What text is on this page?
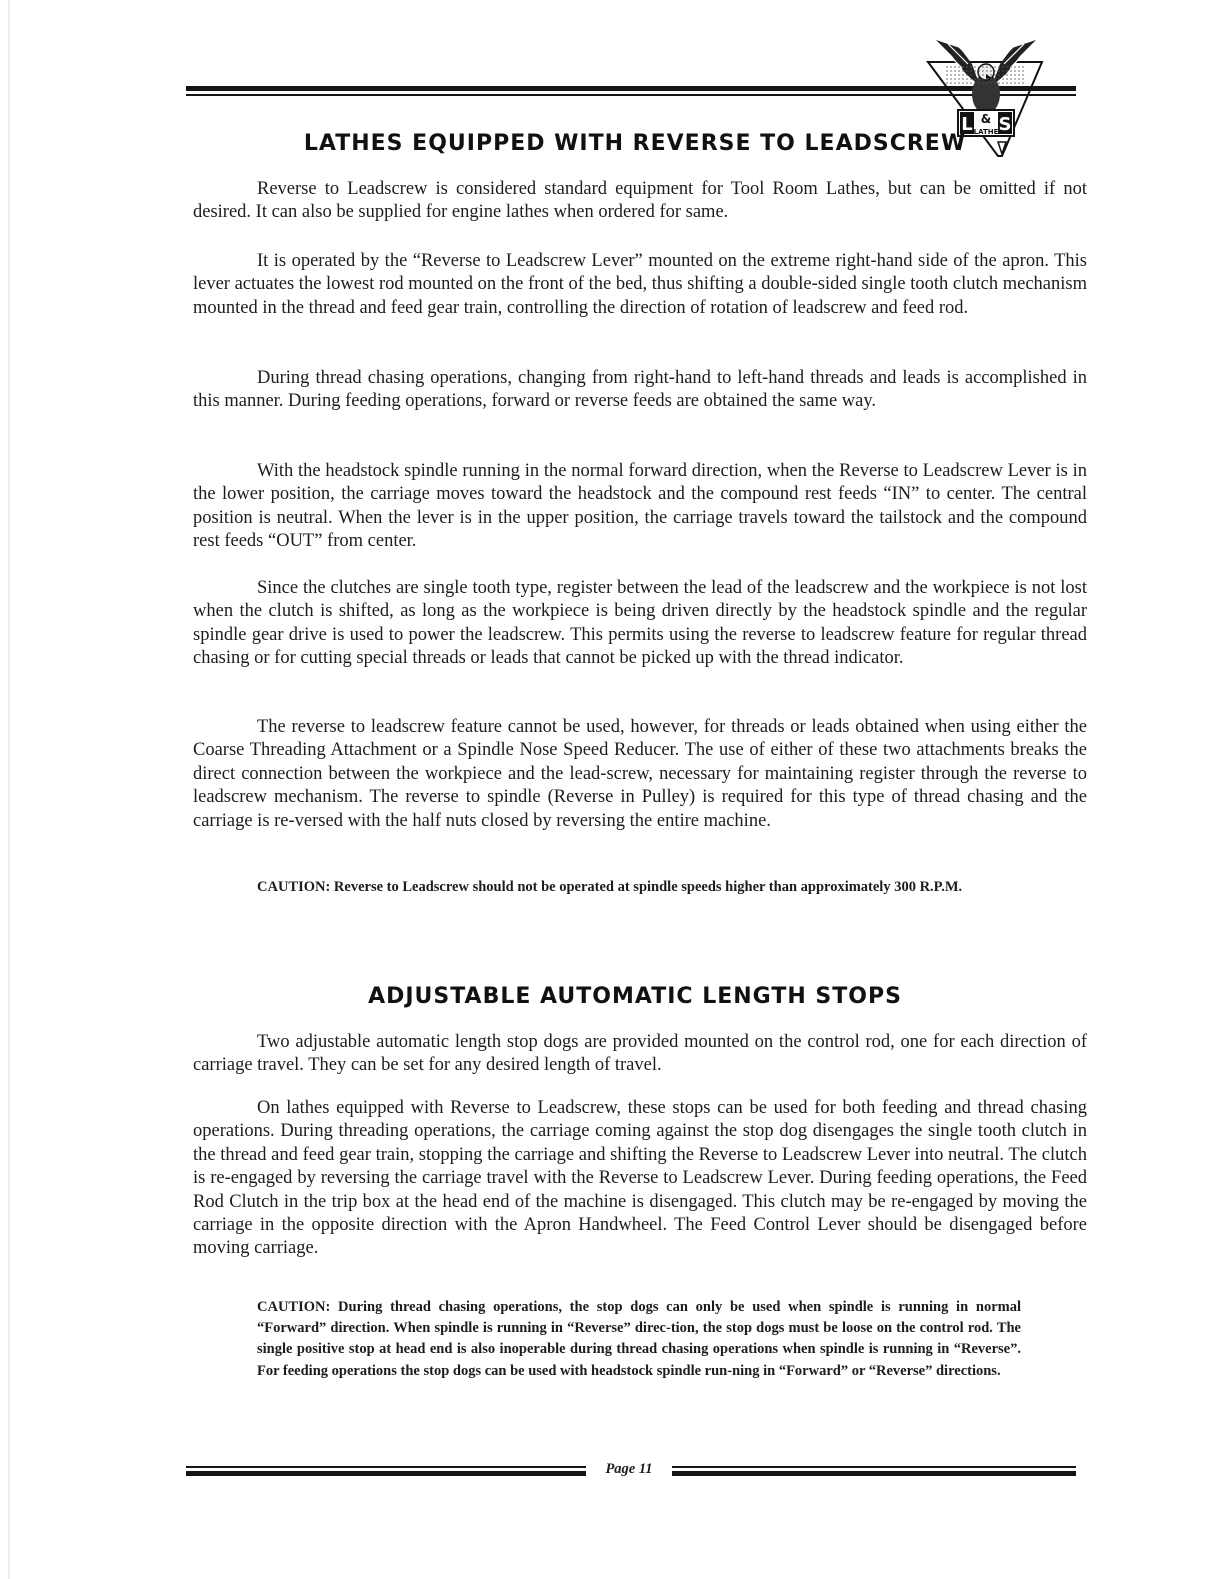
L & S
LATHE
LATHES EQUIPPED WITH REVERSE TO LEADSCREW

Reverse to Leadscrew is considered standard equipment for Tool Room Lathes, but can be omitted if not desired. It can also be supplied for engine lathes when ordered for same.

It is operated by the “Reverse to Leadscrew Lever” mounted on the extreme right-hand side of the apron. This lever actuates the lowest rod mounted on the front of the bed, thus shifting a double-sided single tooth clutch mechanism mounted in the thread and feed gear train, controlling the direction of rotation of leadscrew and feed rod.

During thread chasing operations, changing from right-hand to left-hand threads and leads is accomplished in this manner. During feeding operations, forward or reverse feeds are obtained the same way.

With the headstock spindle running in the normal forward direction, when the Reverse to Leadscrew Lever is in the lower position, the carriage moves toward the headstock and the compound rest feeds “IN” to center. The central position is neutral. When the lever is in the upper position, the carriage travels toward the tailstock and the compound rest feeds “OUT” from center.

Since the clutches are single tooth type, register between the lead of the leadscrew and the workpiece is not lost when the clutch is shifted, as long as the workpiece is being driven directly by the headstock spindle and the regular spindle gear drive is used to power the leadscrew. This permits using the reverse to leadscrew feature for regular thread chasing or for cutting special threads or leads that cannot be picked up with the thread indicator.

The reverse to leadscrew feature cannot be used, however, for threads or leads obtained when using either the Coarse Threading Attachment or a Spindle Nose Speed Reducer. The use of either of these two attachments breaks the direct connection between the workpiece and the lead-screw, necessary for maintaining register through the reverse to leadscrew mechanism. The reverse to spindle (Reverse in Pulley) is required for this type of thread chasing and the carriage is re-versed with the half nuts closed by reversing the entire machine.

CAUTION: Reverse to Leadscrew should not be operated at spindle speeds higher than approximately 300 R.P.M.

ADJUSTABLE AUTOMATIC LENGTH STOPS

Two adjustable automatic length stop dogs are provided mounted on the control rod, one for each direction of carriage travel. They can be set for any desired length of travel.

On lathes equipped with Reverse to Leadscrew, these stops can be used for both feeding and thread chasing operations. During threading operations, the carriage coming against the stop dog disengages the single tooth clutch in the thread and feed gear train, stopping the carriage and shifting the Reverse to Leadscrew Lever into neutral. The clutch is re-engaged by reversing the carriage travel with the Reverse to Leadscrew Lever. During feeding operations, the Feed Rod Clutch in the trip box at the head end of the machine is disengaged. This clutch may be re-engaged by moving the carriage in the opposite direction with the Apron Handwheel. The Feed Control Lever should be disengaged before moving carriage.

CAUTION: During thread chasing operations, the stop dogs can only be used when spindle is running in normal “Forward” direction. When spindle is running in “Reverse” direc-tion, the stop dogs must be loose on the control rod. The single positive stop at head end is also inoperable during thread chasing operations when spindle is running in “Reverse”. For feeding operations the stop dogs can be used with headstock spindle run-ning in “Forward” or “Reverse” directions.

Page 11
